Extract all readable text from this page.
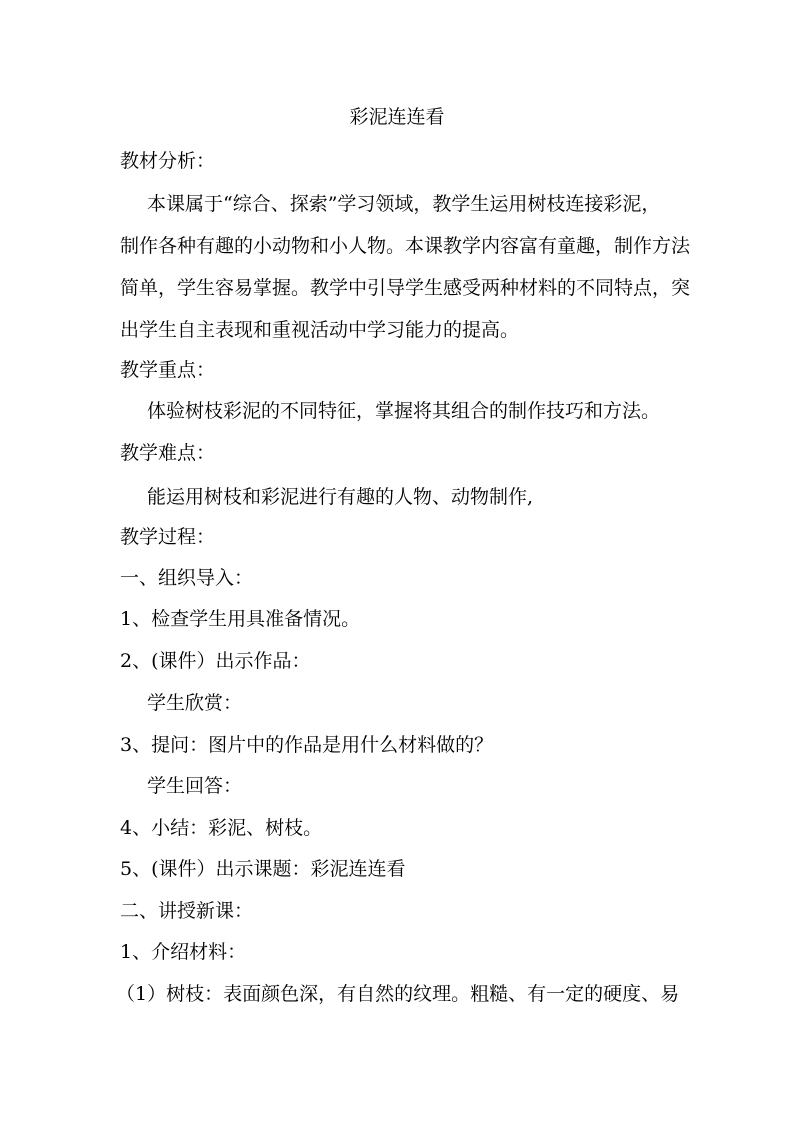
彩泥连连看
教材分析：
本课属于“综合、探索”学习领域，教学生运用树枝连接彩泥，
制作各种有趣的小动物和小人物。本课教学内容富有童趣，制作方法
简单，学生容易掌握。教学中引导学生感受两种材料的不同特点，突
出学生自主表现和重视活动中学习能力的提高。
教学重点：
体验树枝彩泥的不同特征，掌握将其组合的制作技巧和方法。
教学难点：
能运用树枝和彩泥进行有趣的人物、动物制作,
教学过程：
一、组织导入：
1、检查学生用具准备情况。
2、(课件）出示作品：
学生欣赏：
3、提问：图片中的作品是用什么材料做的？
学生回答：
4、小结：彩泥、树枝。
5、(课件）出示课题：彩泥连连看
二、讲授新课：
1、介绍材料：
（1）树枝：表面颜色深，有自然的纹理。粗糙、有一定的硬度、易
